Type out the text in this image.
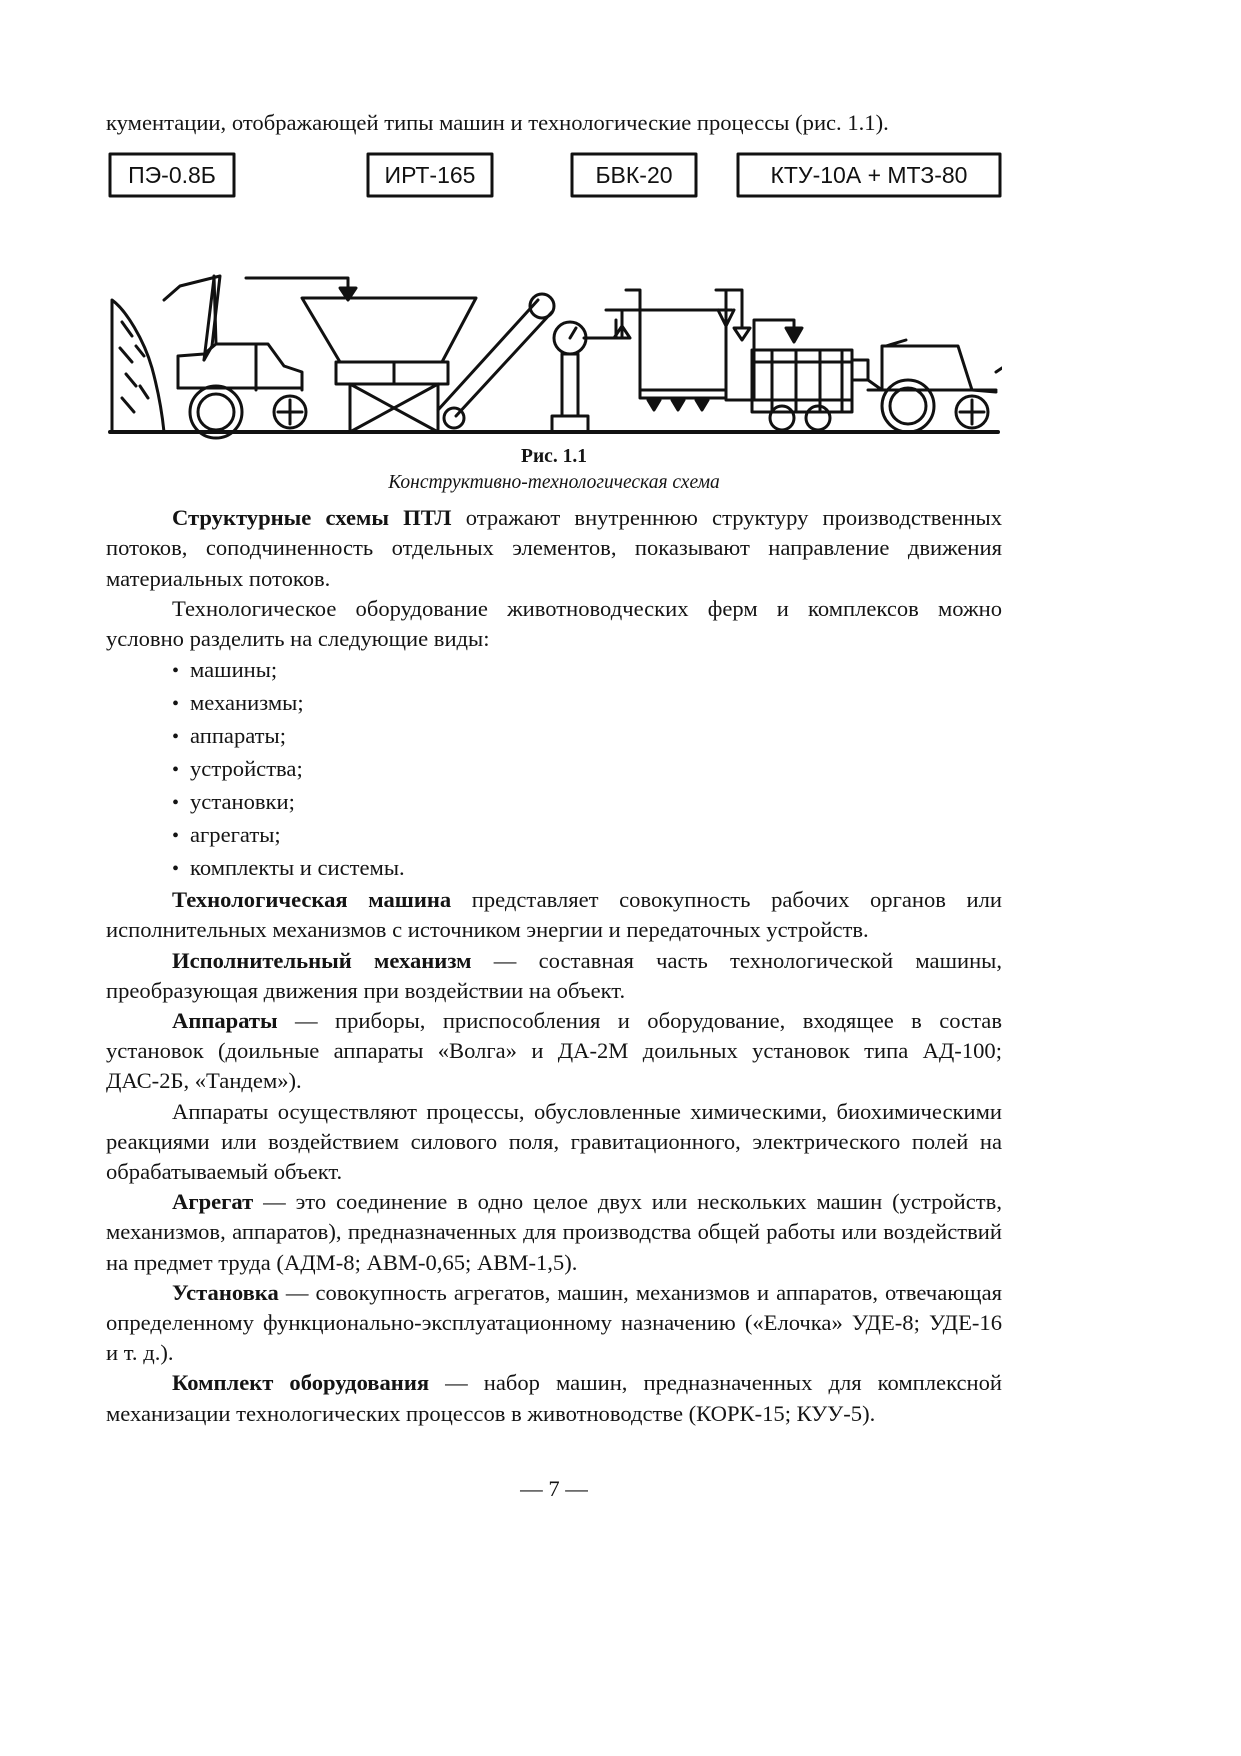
кументации, отображающей типы машин и технологические процессы (рис. 1.1).

ПЭ-0.8Б	ИРТ-165	БВК-20	КТУ-10А + МТЗ-80
Рис. 1.1
Конструктивно-технологическая схема

Структурные схемы ПТЛ отражают внутреннюю структуру производственных потоков, соподчиненность отдельных элементов, показывают направление движения материальных потоков.

Технологическое оборудование животноводческих ферм и комплексов можно условно разделить на следующие виды:

• машины;
• механизмы;
• аппараты;
• устройства;
• установки;
• агрегаты;
• комплекты и системы.

Технологическая машина представляет совокупность рабочих органов или исполнительных механизмов с источником энергии и передаточных устройств.

Исполнительный механизм — составная часть технологической машины, преобразующая движения при воздействии на объект.

Аппараты — приборы, приспособления и оборудование, входящее в состав установок (доильные аппараты «Волга» и ДА-2М доильных установок типа АД-100; ДАС-2Б, «Тандем»).

Аппараты осуществляют процессы, обусловленные химическими, биохимическими реакциями или воздействием силового поля, гравитационного, электрического полей на обрабатываемый объект.

Агрегат — это соединение в одно целое двух или нескольких машин (устройств, механизмов, аппаратов), предназначенных для производства общей работы или воздействий на предмет труда (АДМ-8; АВМ-0,65; АВМ-1,5).

Установка — совокупность агрегатов, машин, механизмов и аппаратов, отвечающая определенному функционально-эксплуатационному назначению («Елочка» УДЕ-8; УДЕ-16 и т. д.).

Комплект оборудования — набор машин, предназначенных для комплексной механизации технологических процессов в животноводстве (КОРК-15; КУУ-5).

— 7 —
